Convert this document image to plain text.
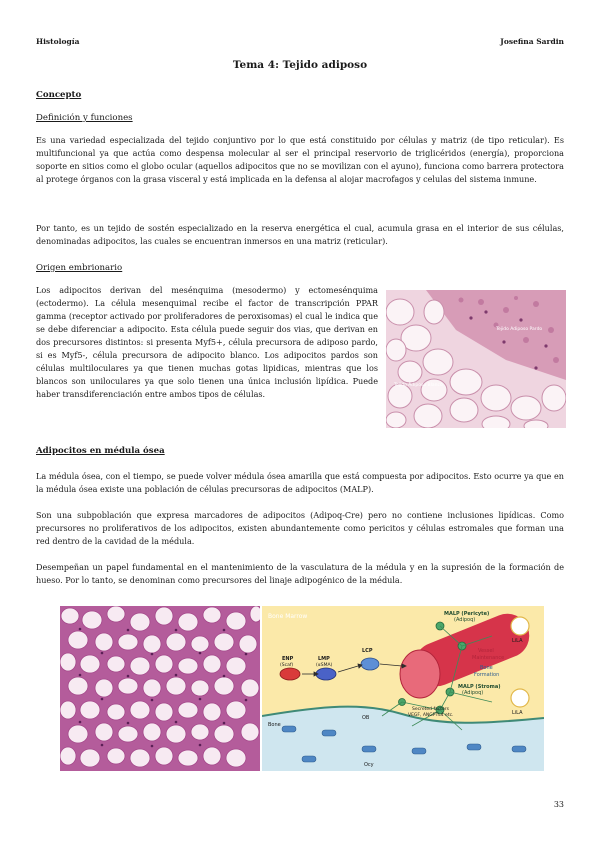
Histología	Josefina Sardin
Tema 4: Tejido adiposo
Concepto
Definición y funciones

Es una variedad especializada del tejido conjuntivo por lo que está constituido por células y matriz (de tipo reticular). Es multifuncional ya que actúa como despensa molecular al ser el principal reservorio de triglicéridos (energía), proporciona soporte en sitios como el globo ocular (aquellos adipocitos que no se movilizan con el ayuno), funciona como barrera protectora al protege órganos con la grasa visceral y está implicada en la defensa al alojar macrofagos y celulas del sistema inmune.

Por tanto, es un tejido de sostén especializado en la reserva energética el cual, acumula grasa en el interior de sus células, denominadas adipocitos, las cuales se encuentran inmersos en una matriz (reticular).

Origen embrionario

Los adipocitos derivan del mesénquima (mesodermo) y ectomesénquima (ectodermo). La célula mesenquimal recibe el factor de transcripción PPAR gamma (receptor activado por proliferadores de peroxisomas) el cual le indica que se debe diferenciar a adipocito. Esta célula puede seguir dos vias, que derivan en dos precursores distintos: si presenta Myf5+, célula precursora de adiposo pardo, si es Myf5-, célula precursora de adipocito blanco. Los adipocitos pardos son células multiloculares ya que tienen muchas gotas lipidicas, mientras que los blancos son uniloculares ya que solo tienen una única inclusión lipídica. Puede haber transdiferenciación entre ambos tipos de células.

Tejido Adiposo Pardo
Tejido Adiposo Blanco
Adipocitos en médula ósea

La médula ósea, con el tiempo, se puede volver médula ósea amarilla que está compuesta por adipocitos. Esto ocurre ya que en la médula ósea existe una población de células precursoras de adipocitos (MALP).

Son una subpoblación que expresa marcadores de adipocitos (Adipoq-Cre) pero no contiene inclusiones lipídicas. Como precursores no proliferativos de los adipocitos, existen abundantemente como pericitos y células estromales que forman una red dentro de la cavidad de la médula.

Desempeñan un papel fundamental en el mantenimiento de la vasculatura de la médula y en la supresión de la formación de hueso. Por lo tanto, se denominan como precursores del linaje adipogénico de la médula.

Bone Marrow	MALP (Pericyte)
(Adipoq)
LiLA
ENP
(Scaf)
LMP
(αSMA)
LCP	Vessel
Maintenance
Bone
Formation
MALP (Stroma)
(Adipoq)
LiLA
Secreted factors
VEGF, ANGPTL4 etc.
Bone
OB
Ocy
33
